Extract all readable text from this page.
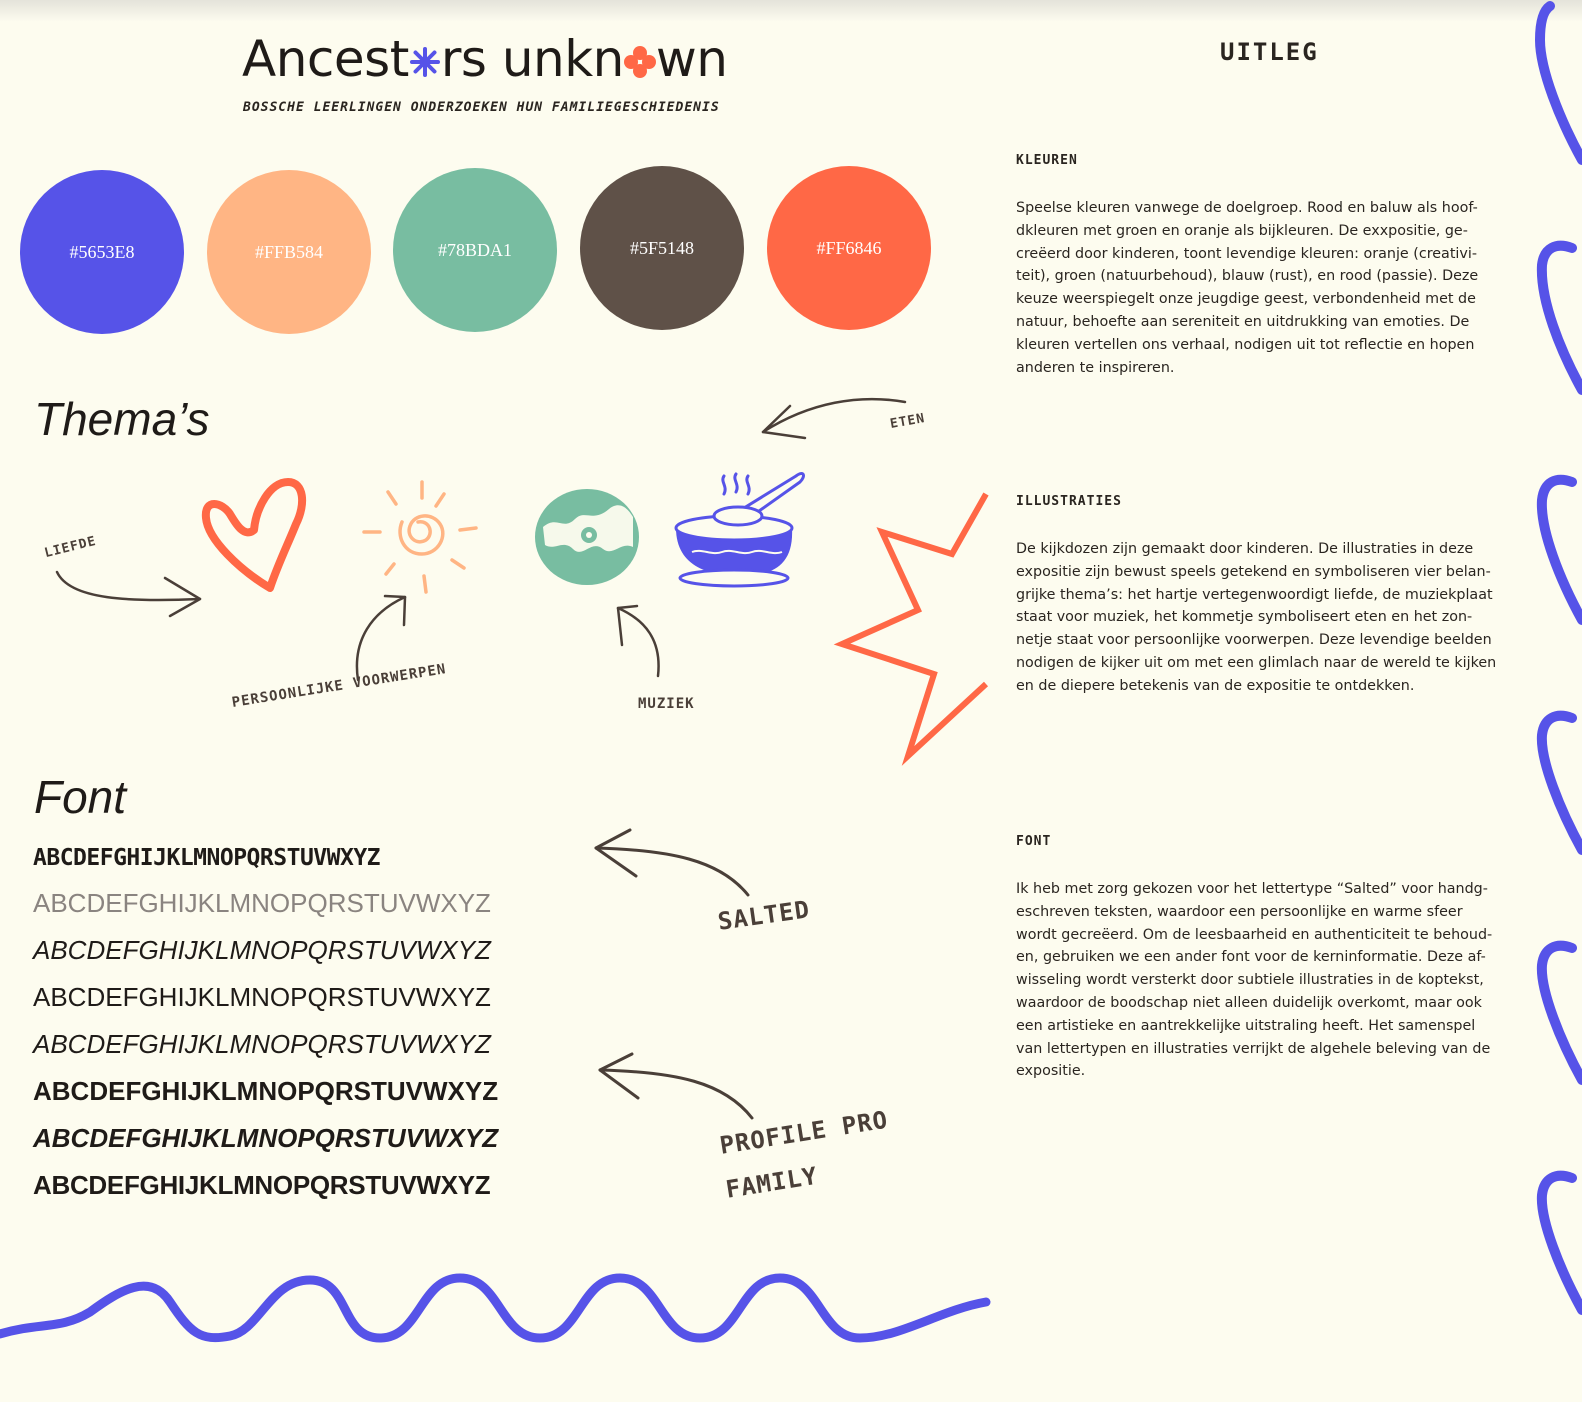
Ancest rs unkn wn
BOSSCHE LEERLINGEN ONDERZOEKEN HUN FAMILIEGESCHIEDENIS
UITLEG
#5653E8	#FFB584	#78BDA1	#5F5148	#FF6846
Thema’s
LIEFDE
PERSOONLIJKE VOORWERPEN	MUZIEK
ETEN
Font
ABCDEFGHIJKLMNOPQRSTUVWXYZ
ABCDEFGHIJKLMNOPQRSTUVWXYZ
ABCDEFGHIJKLMNOPQRSTUVWXYZ
ABCDEFGHIJKLMNOPQRSTUVWXYZ
ABCDEFGHIJKLMNOPQRSTUVWXYZ
ABCDEFGHIJKLMNOPQRSTUVWXYZ
ABCDEFGHIJKLMNOPQRSTUVWXYZ
ABCDEFGHIJKLMNOPQRSTUVWXYZ
SALTED
PROFILE PRO
FAMILY
KLEUREN
Speelse kleuren vanwege de doelgroep. Rood en baluw als hoof-
dkleuren met groen en oranje als bijkleuren. De exxpositie, ge-
creëerd door kinderen, toont levendige kleuren: oranje (creativi-
teit), groen (natuurbehoud), blauw (rust), en rood (passie). Deze
keuze weerspiegelt onze jeugdige geest, verbondenheid met de
natuur, behoefte aan sereniteit en uitdrukking van emoties. De
kleuren vertellen ons verhaal, nodigen uit tot reflectie en hopen
anderen te inspireren.
ILLUSTRATIES
De kijkdozen zijn gemaakt door kinderen. De illustraties in deze
expositie zijn bewust speels getekend en symboliseren vier belan-
grijke thema’s: het hartje vertegenwoordigt liefde, de muziekplaat
staat voor muziek, het kommetje symboliseert eten en het zon-
netje staat voor persoonlijke voorwerpen. Deze levendige beelden
nodigen de kijker uit om met een glimlach naar de wereld te kijken
en de diepere betekenis van de expositie te ontdekken.
FONT
Ik heb met zorg gekozen voor het lettertype “Salted” voor handg-
eschreven teksten, waardoor een persoonlijke en warme sfeer
wordt gecreëerd. Om de leesbaarheid en authenticiteit te behoud-
en, gebruiken we een ander font voor de kerninformatie. Deze af-
wisseling wordt versterkt door subtiele illustraties in de koptekst,
waardoor de boodschap niet alleen duidelijk overkomt, maar ook
een artistieke en aantrekkelijke uitstraling heeft. Het samenspel
van lettertypen en illustraties verrijkt de algehele beleving van de
expositie.
